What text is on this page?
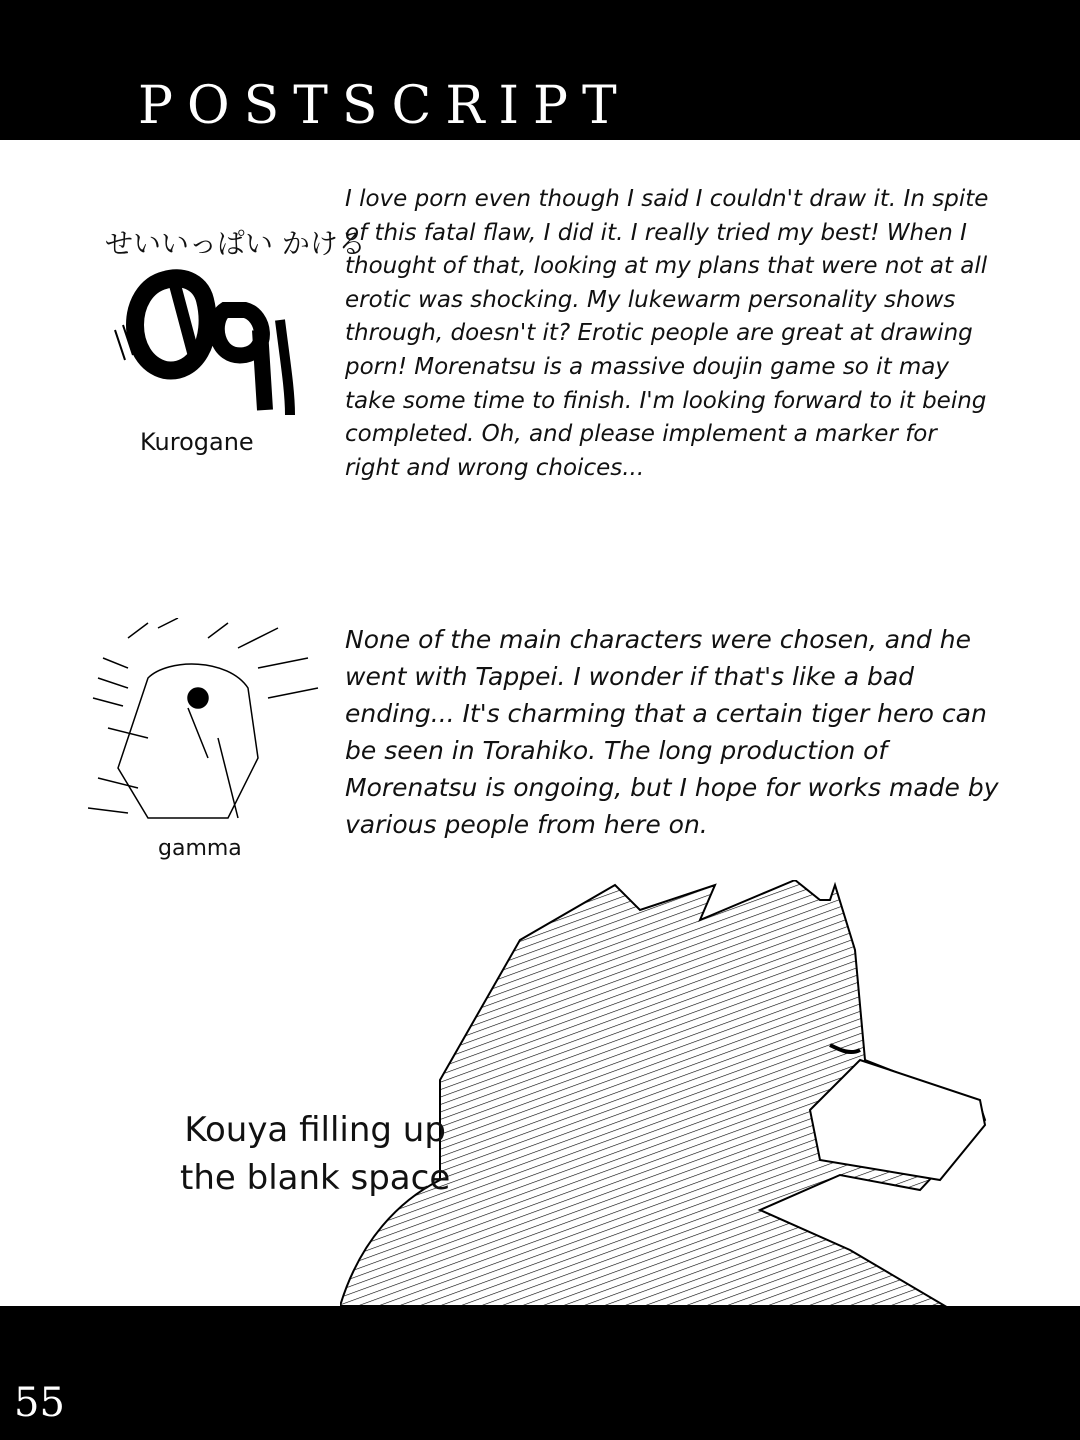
POSTSCRIPT
せいいっぱい かける
Kurogane
I love porn even though I said I couldn't draw it. In spite of this fatal flaw, I did it. I really tried my best! When I thought of that, looking at my plans that were not at all erotic was shocking. My lukewarm personality shows through, doesn't it? Erotic people are great at drawing porn! Morenatsu is a massive doujin game so it may take some time to finish. I'm looking forward to it being completed. Oh, and please implement a marker for right and wrong choices...
gamma
None of the main characters were chosen, and he went with Tappei. I wonder if that's like a bad ending... It's charming that a certain tiger hero can be seen in Torahiko. The long production of Morenatsu is ongoing, but I hope for works made by various people from here on.
Kouya filling up
the blank space
55
